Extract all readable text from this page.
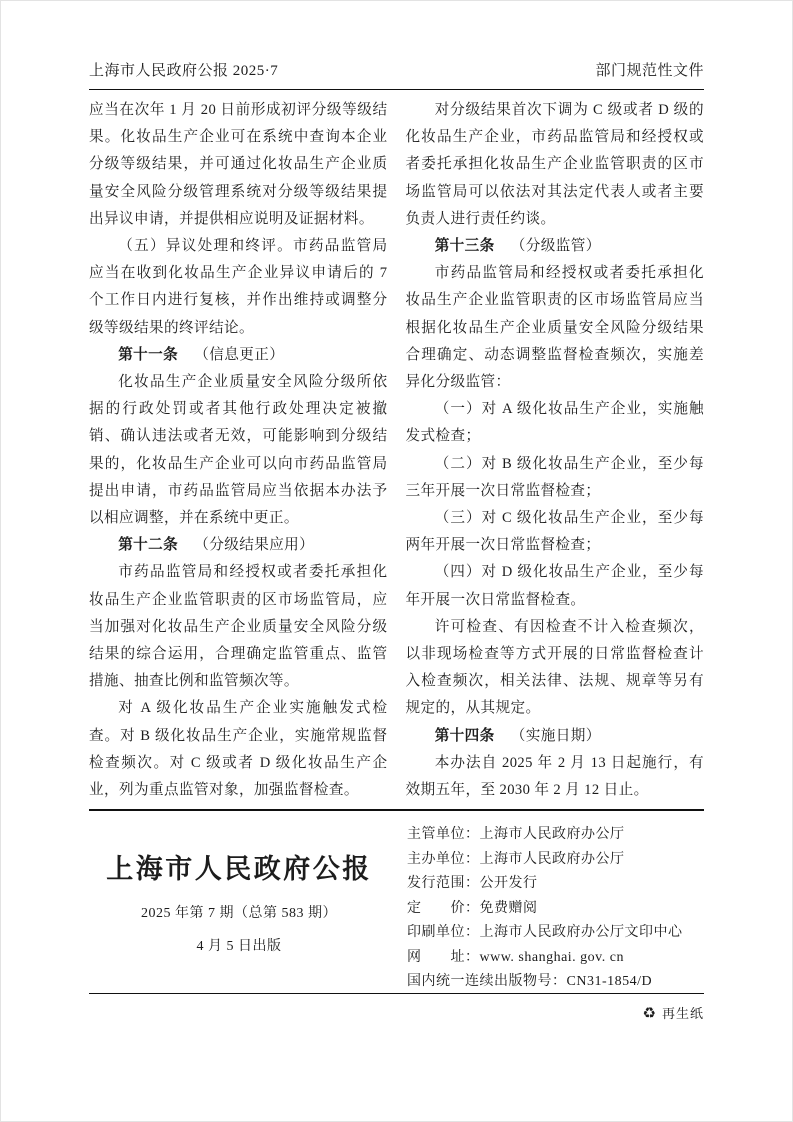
上海市人民政府公报 2025·7	部门规范性文件

应当在次年 1 月 20 日前形成初评分级等级结果。化妆品生产企业可在系统中查询本企业分级等级结果，并可通过化妆品生产企业质量安全风险分级管理系统对分级等级结果提出异议申请，并提供相应说明及证据材料。

（五）异议处理和终评。市药品监管局应当在收到化妆品生产企业异议申请后的 7 个工作日内进行复核，并作出维持或调整分级等级结果的终评结论。

第十一条 （信息更正）

化妆品生产企业质量安全风险分级所依据的行政处罚或者其他行政处理决定被撤销、确认违法或者无效，可能影响到分级结果的，化妆品生产企业可以向市药品监管局提出申请，市药品监管局应当依据本办法予以相应调整，并在系统中更正。

第十二条 （分级结果应用）

市药品监管局和经授权或者委托承担化妆品生产企业监管职责的区市场监管局，应当加强对化妆品生产企业质量安全风险分级结果的综合运用，合理确定监管重点、监管措施、抽查比例和监管频次等。

对 A 级化妆品生产企业实施触发式检查。对 B 级化妆品生产企业，实施常规监督检查频次。对 C 级或者 D 级化妆品生产企业，列为重点监管对象，加强监督检查。

对分级结果首次下调为 C 级或者 D 级的化妆品生产企业，市药品监管局和经授权或者委托承担化妆品生产企业监管职责的区市场监管局可以依法对其法定代表人或者主要负责人进行责任约谈。

第十三条 （分级监管）

市药品监管局和经授权或者委托承担化妆品生产企业监管职责的区市场监管局应当根据化妆品生产企业质量安全风险分级结果合理确定、动态调整监督检查频次，实施差异化分级监管：

（一）对 A 级化妆品生产企业，实施触发式检查；

（二）对 B 级化妆品生产企业，至少每三年开展一次日常监督检查；

（三）对 C 级化妆品生产企业，至少每两年开展一次日常监督检查；

（四）对 D 级化妆品生产企业，至少每年开展一次日常监督检查。

许可检查、有因检查不计入检查频次，以非现场检查等方式开展的日常监督检查计入检查频次，相关法律、法规、规章等另有规定的，从其规定。

第十四条 （实施日期）

本办法自 2025 年 2 月 13 日起施行，有效期五年，至 2030 年 2 月 12 日止。

上海市人民政府公报
2025 年第 7 期（总第 583 期）
4 月 5 日出版
主管单位：上海市人民政府办公厅
主办单位：上海市人民政府办公厅
发行范围：公开发行
定　　价：免费赠阅
印刷单位：上海市人民政府办公厅文印中心
网　　址：www. shanghai. gov. cn
国内统一连续出版物号：CN31-1854/D
♻ 再生纸
